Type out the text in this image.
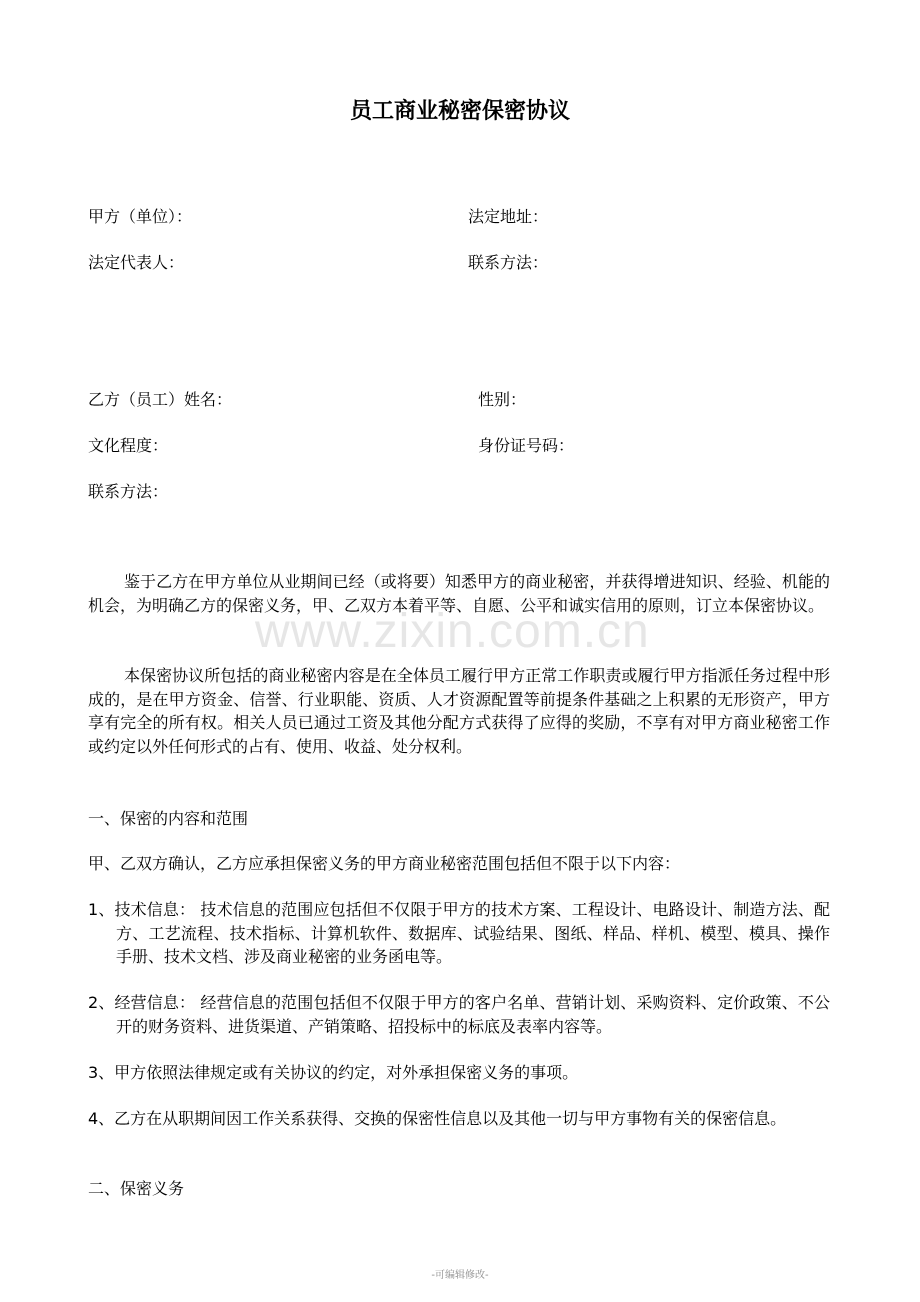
www.zixin.com.cn
员工商业秘密保密协议
甲方（单位）：	法定地址：
法定代表人：	联系方法：
乙方（员工）姓名：	性别：
文化程度：	身份证号码：
联系方法：
鉴于乙方在甲方单位从业期间已经（或将要）知悉甲方的商业秘密，并获得增进知识、经验、机能的机会，为明确乙方的保密义务，甲、乙双方本着平等、自愿、公平和诚实信用的原则，订立本保密协议。
本保密协议所包括的商业秘密内容是在全体员工履行甲方正常工作职责或履行甲方指派任务过程中形成的，是在甲方资金、信誉、行业职能、资质、人才资源配置等前提条件基础之上积累的无形资产，甲方享有完全的所有权。相关人员已通过工资及其他分配方式获得了应得的奖励，不享有对甲方商业秘密工作或约定以外任何形式的占有、使用、收益、处分权利。
一、保密的内容和范围
甲、乙双方确认，乙方应承担保密义务的甲方商业秘密范围包括但不限于以下内容：
1、技术信息： 技术信息的范围应包括但不仅限于甲方的技术方案、工程设计、电路设计、制造方法、配方、工艺流程、技术指标、计算机软件、数据库、试验结果、图纸、样品、样机、模型、模具、操作手册、技术文档、涉及商业秘密的业务函电等。
2、经营信息： 经营信息的范围包括但不仅限于甲方的客户名单、营销计划、采购资料、定价政策、不公开的财务资料、进货渠道、产销策略、招投标中的标底及表率内容等。
3、甲方依照法律规定或有关协议的约定，对外承担保密义务的事项。
4、乙方在从职期间因工作关系获得、交换的保密性信息以及其他一切与甲方事物有关的保密信息。
二、保密义务
-可编辑修改-
